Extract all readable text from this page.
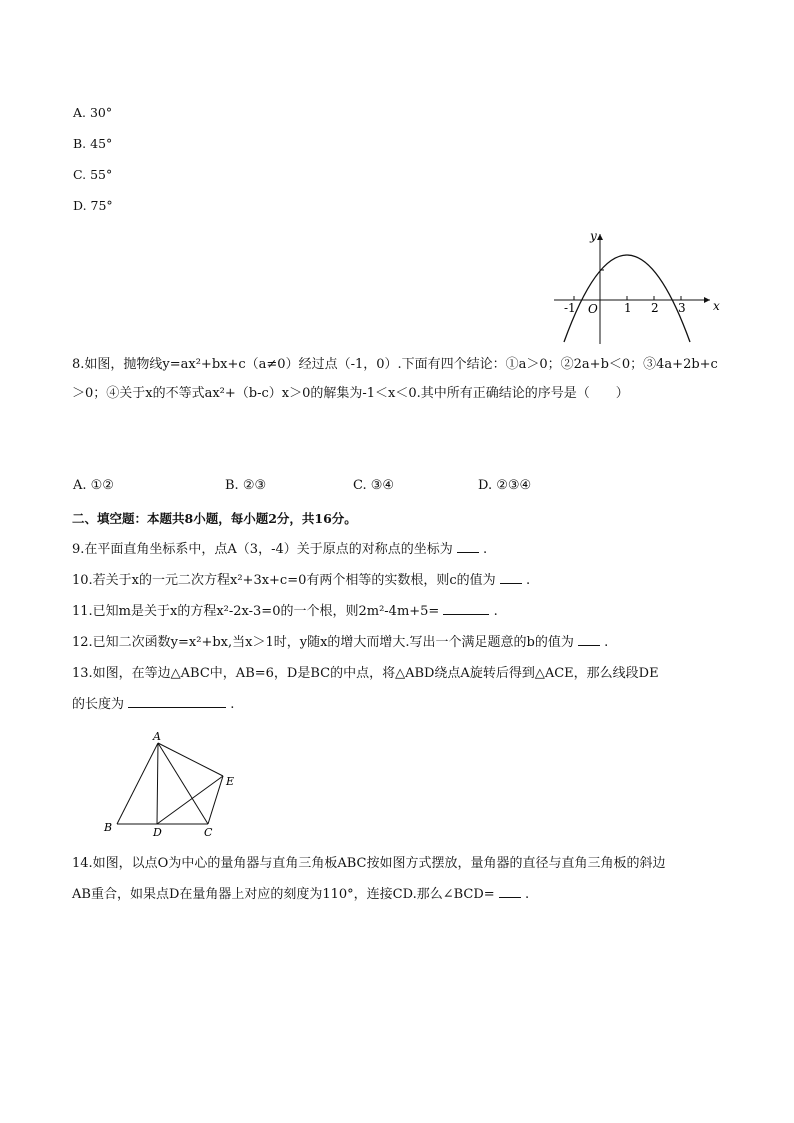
A. 30°
B. 45°
C. 55°
D. 75°
y
x
O
-1	1 2 3
8.如图，抛物线y=ax²+bx+c（a≠0）经过点（-1，0）.下面有四个结论：①a＞0；②2a+b＜0；③4a+2b+c
＞0；④关于x的不等式ax²+（b-c）x＞0的解集为-1＜x＜0.其中所有正确结论的序号是（　　）
A. ①②	B. ②③	C. ③④	D. ②③④
二、填空题：本题共8小题，每小题2分，共16分。
9.在平面直角坐标系中，点A（3，-4）关于原点的对称点的坐标为 .
10.若关于x的一元二次方程x²+3x+c=0有两个相等的实数根，则c的值为 .
11.已知m是关于x的方程x²-2x-3=0的一个根，则2m²-4m+5=	.
12.已知二次函数y=x²+bx,当x＞1时，y随x的增大而增大.写出一个满足题意的b的值为 .
13.如图，在等边△ABC中，AB=6，D是BC的中点，将△ABD绕点A旋转后得到△ACE，那么线段DE
的长度为	.
A
B	D	C
E
14.如图，以点O为中心的量角器与直角三角板ABC按如图方式摆放，量角器的直径与直角三角板的斜边
AB重合，如果点D在量角器上对应的刻度为110°，连接CD.那么∠BCD= .
